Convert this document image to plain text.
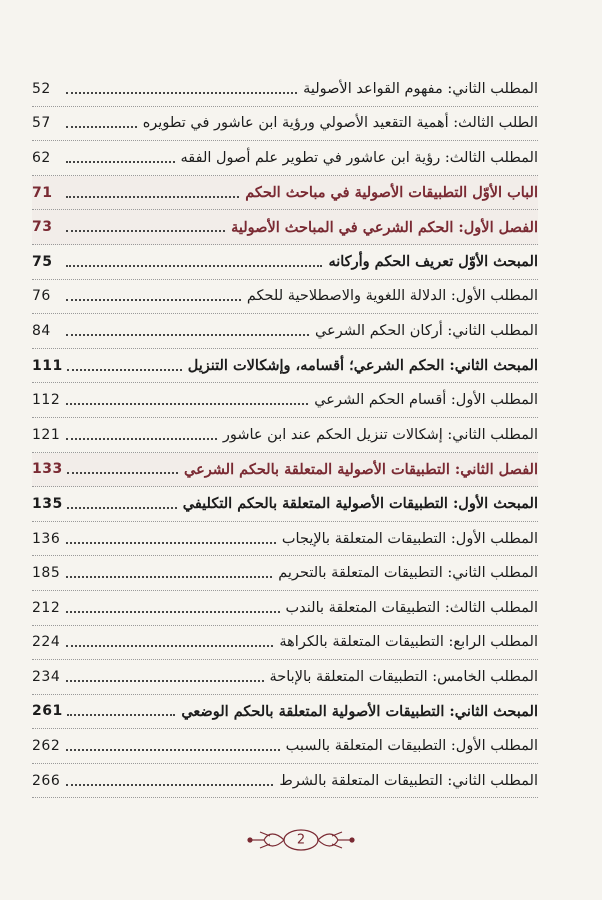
المطلب الثاني: مفهوم القواعد الأصولية
52
الطلب الثالث: أهمية التقعيد الأصولي ورؤية ابن عاشور في تطويره
57
المطلب الثالث: رؤية ابن عاشور في تطوير علم أصول الفقه
62
الباب الأوّل التطبيقات الأصولية في مباحث الحكم
71
الفصل الأول: الحكم الشرعي في المباحث الأصولية
73
المبحث الأوّل تعريف الحكم وأركانه
75
المطلب الأول: الدلالة اللغوية والاصطلاحية للحكم
76
المطلب الثاني: أركان الحكم الشرعي
84
المبحث الثاني: الحكم الشرعي؛ أقسامه، وإشكالات التنزيل
111
المطلب الأول: أقسام الحكم الشرعي
112
المطلب الثاني: إشكالات تنزيل الحكم عند ابن عاشور
121
الفصل الثاني: التطبيقات الأصولية المتعلقة بالحكم الشرعي
133
المبحث الأول: التطبيقات الأصولية المتعلقة بالحكم التكليفي
135
المطلب الأول: التطبيقات المتعلقة بالإيجاب
136
المطلب الثاني: التطبيقات المتعلقة بالتحريم
185
المطلب الثالث: التطبيقات المتعلقة بالندب
212
المطلب الرابع: التطبيقات المتعلقة بالكراهة
224
المطلب الخامس: التطبيقات المتعلقة بالإباحة
234
المبحث الثاني: التطبيقات الأصولية المتعلقة بالحكم الوضعي
261
المطلب الأول: التطبيقات المتعلقة بالسبب
262
المطلب الثاني: التطبيقات المتعلقة بالشرط
266
2
